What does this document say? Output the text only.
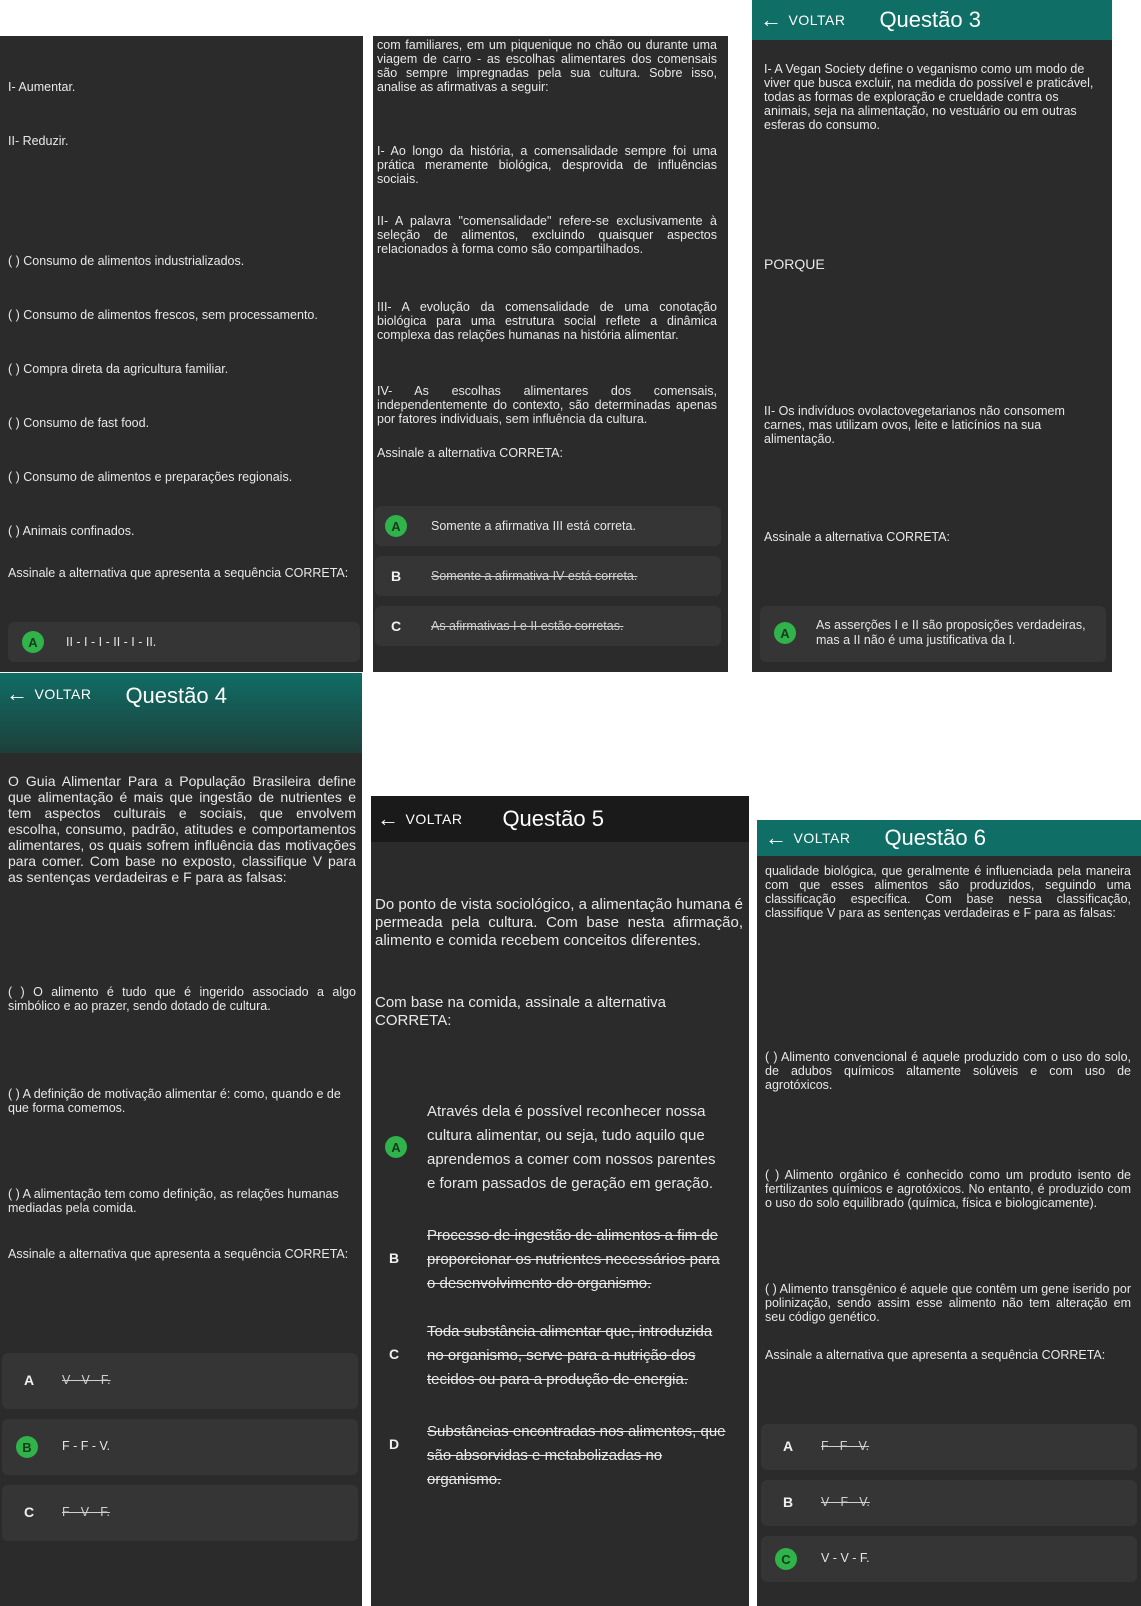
I- Aumentar.
II- Reduzir.
( ) Consumo de alimentos industrializados.
( ) Consumo de alimentos frescos, sem processamento.
( ) Compra direta da agricultura familiar.
( ) Consumo de fast food.
( ) Consumo de alimentos e preparações regionais.
( ) Animais confinados.
Assinale a alternativa que apresenta a sequência CORRETA:
A	II - I - I - II - I - II.
com familiares, em um piquenique no chão ou durante uma viagem de carro - as escolhas alimentares dos comensais são sempre impregnadas pela sua cultura. Sobre isso, analise as afirmativas a seguir:
I- Ao longo da história, a comensalidade sempre foi uma prática meramente biológica, desprovida de influências sociais.
II- A palavra "comensalidade" refere-se exclusivamente à seleção de alimentos, excluindo quaisquer aspectos relacionados à forma como são compartilhados.
III- A evolução da comensalidade de uma conotação biológica para uma estrutura social reflete a dinâmica complexa das relações humanas na história alimentar.
IV- As escolhas alimentares dos comensais, independentemente do contexto, são determinadas apenas por fatores individuais, sem influência da cultura.
Assinale a alternativa CORRETA:
A	Somente a afirmativa III está correta.
B Somente a afirmativa IV está correta.
C As afirmativas I e II estão corretas.
← VOLTAR Questão 3
I- A Vegan Society define o veganismo como um modo de viver que busca excluir, na medida do possível e praticável, todas as formas de exploração e crueldade contra os animais, seja na alimentação, no vestuário ou em outras esferas do consumo.
PORQUE
II- Os indivíduos ovolactovegetarianos não consomem carnes, mas utilizam ovos, leite e laticínios na sua alimentação.
Assinale a alternativa CORRETA:
A
As asserções I e II são proposições verdadeiras, mas a II não é uma justificativa da I.
← VOLTAR Questão 4
O Guia Alimentar Para a População Brasileira define que alimentação é mais que ingestão de nutrientes e tem aspectos culturais e sociais, que envolvem escolha, consumo, padrão, atitudes e comportamentos alimentares, os quais sofrem influência das motivações para comer. Com base no exposto, classifique V para as sentenças verdadeiras e F para as falsas:
( ) O alimento é tudo que é ingerido associado a algo simbólico e ao prazer, sendo dotado de cultura.
( ) A definição de motivação alimentar é: como, quando e de que forma comemos.
( ) A alimentação tem como definição, as relações humanas mediadas pela comida.
Assinale a alternativa que apresenta a sequência CORRETA:
A V - V - F.
B	F - F - V.
C F - V - F.
← VOLTAR Questão 5
Do ponto de vista sociológico, a alimentação humana é permeada pela cultura. Com base nesta afirmação, alimento e comida recebem conceitos diferentes.
Com base na comida, assinale a alternativa CORRETA:
A
Através dela é possível reconhecer nossa cultura alimentar, ou seja, tudo aquilo que aprendemos a comer com nossos parentes e foram passados de geração em geração.
B
Processo de ingestão de alimentos a fim de proporcionar os nutrientes necessários para o desenvolvimento do organismo.
C
Toda substância alimentar que, introduzida no organismo, serve para a nutrição dos tecidos ou para a produção de energia.
D
Substâncias encontradas nos alimentos, que são absorvidas e metabolizadas no organismo.
← VOLTAR Questão 6
qualidade biológica, que geralmente é influenciada pela maneira com que esses alimentos são produzidos, seguindo uma classificação específica. Com base nessa classificação, classifique V para as sentenças verdadeiras e F para as falsas:
( ) Alimento convencional é aquele produzido com o uso do solo, de adubos químicos altamente solúveis e com uso de agrotóxicos.
( ) Alimento orgânico é conhecido como um produto isento de fertilizantes químicos e agrotóxicos. No entanto, é produzido com o uso do solo equilibrado (química, física e biologicamente).
( ) Alimento transgênico é aquele que contêm um gene iserido por polinização, sendo assim esse alimento não tem alteração em seu código genético.
Assinale a alternativa que apresenta a sequência CORRETA:
A F - F - V.
B V - F - V.
C	V - V - F.
